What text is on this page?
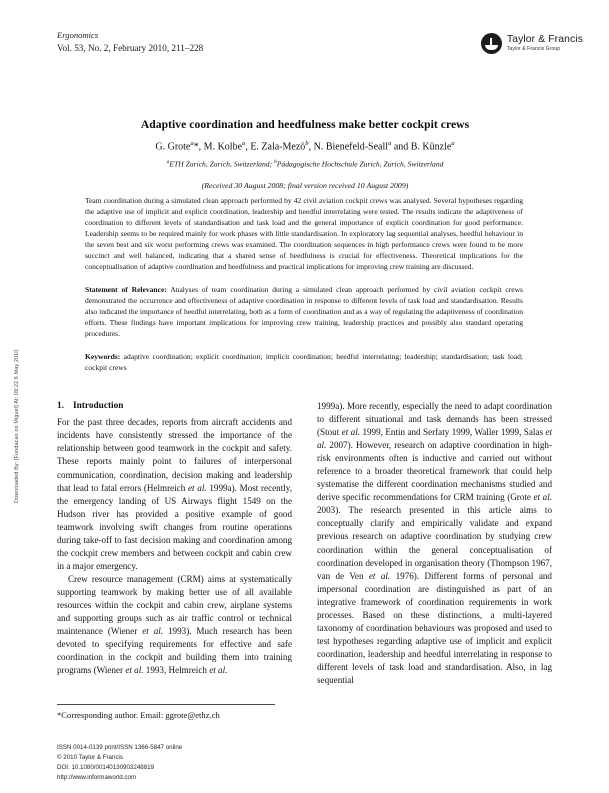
Downloaded By: [Fundacao on Miguel] At: 09:22 6 May 2010
Ergonomics
Vol. 53, No. 2, February 2010, 211–228
Taylor & Francis
Taylor & Francis Group
Adaptive coordination and heedfulness make better cockpit crews
G. Grote$^a$*, M. Kolbe$^a$, E. Zala-Mezö$^b$, N. Bienefeld-Seall$^a$ and B. Künzle$^a$
$^a$ETH Zurich, Zurich, Switzerland; $^b$Pädagogische Hochschule Zurich, Zurich, Switzerland
(Received 30 August 2008; final version received 10 August 2009)
Team coordination during a simulated clean approach performed by 42 civil aviation cockpit crews was analysed. Several hypotheses regarding the adaptive use of implicit and explicit coordination, leadership and heedful interrelating were tested. The results indicate the adaptiveness of coordination to different levels of standardisation and task load and the general importance of explicit coordination for good performance. Leadership seems to be required mainly for work phases with little standardisation. In exploratory lag sequential analyses, heedful behaviour in the seven best and six worst performing crews was examined. The coordination sequences in high performance crews were found to be more succinct and well balanced, indicating that a shared sense of heedfulness is crucial for effectiveness. Theoretical implications for the conceptualisation of adaptive coordination and heedfulness and practical implications for improving crew training are discussed.
Statement of Relevance: Analyses of team coordination during a simulated clean approach performed by civil aviation cockpit crews demonstrated the occurrence and effectiveness of adaptive coordination in response to different levels of task load and standardisation. Results also indicated the importance of heedful interrelating, both as a form of coordination and as a way of regulating the adaptiveness of coordination efforts. These findings have important implications for improving crew training, leadership practices and possibly also standard operating procedures.
Keywords: adaptive coordination; explicit coordination; implicit coordination; heedful interrelating; leadership; standardisation; task load; cockpit crews
1. Introduction

For the past three decades, reports from aircraft accidents and incidents have consistently stressed the importance of the relationship between good teamwork in the cockpit and safety. These reports mainly point to failures of interpersonal communication, coordination, decision making and leadership that lead to fatal errors (Helmreich et al. 1999a). Most recently, the emergency landing of US Airways flight 1549 on the Hudson river has provided a positive example of good teamwork involving swift changes from routine operations during take-off to fast decision making and coordination among the cockpit crew members and between cockpit and cabin crew in a major emergency.

Crew resource management (CRM) aims at systematically supporting teamwork by making better use of all available resources within the cockpit and cabin crew, airplane systems and supporting groups such as air traffic control or technical maintenance (Wiener et al. 1993). Much research has been devoted to specifying requirements for effective and safe coordination in the cockpit and building them into training programs (Wiener et al. 1993, Helmreich et al.

1999a). More recently, especially the need to adapt coordination to different situational and task demands has been stressed (Stout et al. 1999, Entin and Serfaty 1999, Waller 1999, Salas et al. 2007). However, research on adaptive coordination in high-risk environments often is inductive and carried out without reference to a broader theoretical framework that could help systematise the different coordination mechanisms studied and derive specific recommendations for CRM training (Grote et al. 2003). The research presented in this article aims to conceptually clarify and empirically validate and expand previous research on adaptive coordination by studying crew coordination within the general conceptualisation of coordination developed in organisation theory (Thompson 1967, van de Ven et al. 1976). Different forms of personal and impersonal coordination are distinguished as part of an integrative framework of coordination requirements in work processes. Based on these distinctions, a multi-layered taxonomy of coordination behaviours was proposed and used to test hypotheses regarding adaptive use of implicit and explicit coordination, leadership and heedful interrelating in response to different levels of task load and standardisation. Also, in lag sequential

*Corresponding author. Email: ggrote@ethz.ch
ISSN 0014-0139 print/ISSN 1366-5847 online
© 2010 Taylor & Francis
DOI: 10.1080/00140130903248819
http://www.informaworld.com
